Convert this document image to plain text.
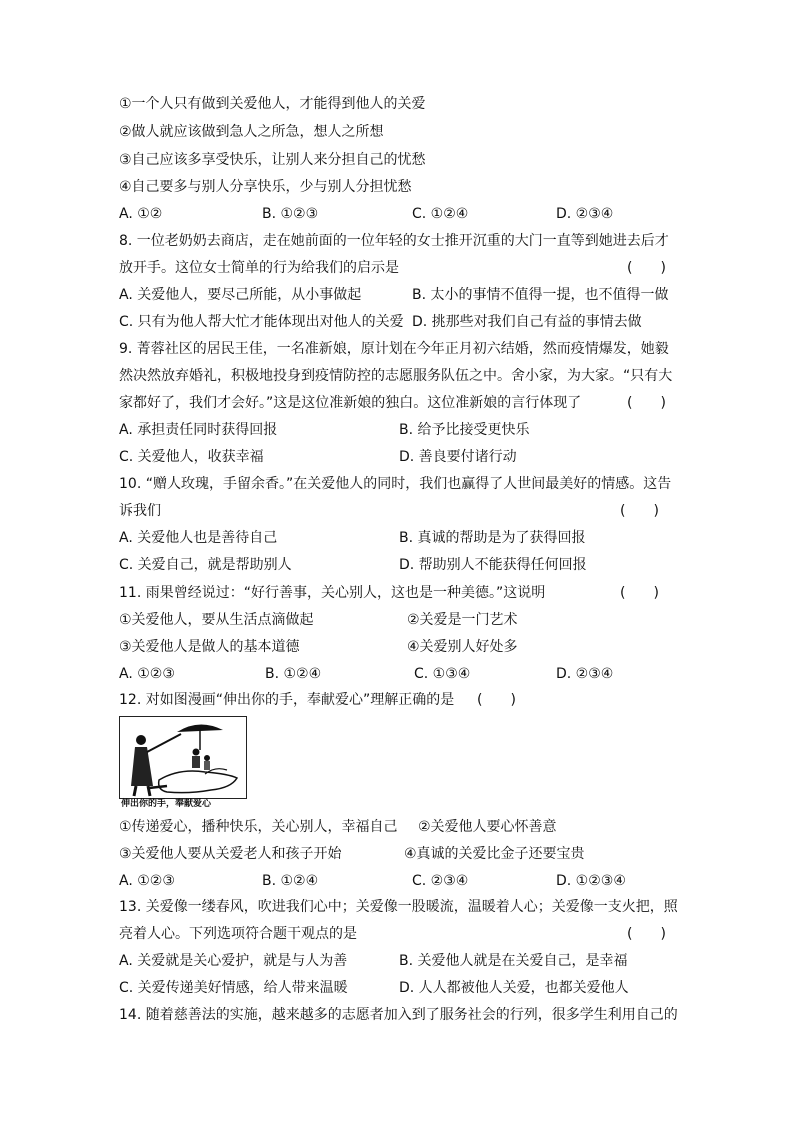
①一个人只有做到关爱他人，才能得到他人的关爱
②做人就应该做到急人之所急，想人之所想
③自己应该多享受快乐，让别人来分担自己的忧愁
④自己要多与别人分享快乐，少与别人分担忧愁
A. ①②	B. ①②③	C. ①②④	D. ②③④
8. 一位老奶奶去商店，走在她前面的一位年轻的女士推开沉重的大门一直等到她进去后才
放开手。这位女士简单的行为给我们的启示是	(　　)
A. 关爱他人，要尽己所能，从小事做起	B. 太小的事情不值得一提，也不值得一做
C. 只有为他人帮大忙才能体现出对他人的关爱 D. 挑那些对我们自己有益的事情去做
9. 菁蓉社区的居民王佳，一名准新娘，原计划在今年正月初六结婚，然而疫情爆发，她毅
然决然放弃婚礼，积极地投身到疫情防控的志愿服务队伍之中。舍小家，为大家。“只有大
家都好了，我们才会好。”这是这位准新娘的独白。这位准新娘的言行体现了	(　　)
A. 承担责任同时获得回报	B. 给予比接受更快乐
C. 关爱他人，收获幸福	D. 善良要付诸行动
10. “赠人玫瑰，手留余香。”在关爱他人的同时，我们也赢得了人世间最美好的情感。这告
诉我们	(　　)
A. 关爱他人也是善待自己	B. 真诚的帮助是为了获得回报
C. 关爱自己，就是帮助别人	D. 帮助别人不能获得任何回报
11. 雨果曾经说过：“好行善事，关心别人，这也是一种美德。”这说明	(　　)
①关爱他人，要从生活点滴做起	②关爱是一门艺术
③关爱他人是做人的基本道德	④关爱别人好处多
A. ①②③	B. ①②④	C. ①③④	D. ②③④
12. 对如图漫画“伸出你的手，奉献爱心”理解正确的是 (　　)
伸出你的手，奉献爱心
①传递爱心，播种快乐，关心别人，幸福自己 ②关爱他人要心怀善意
③关爱他人要从关爱老人和孩子开始	④真诚的关爱比金子还要宝贵
A. ①②③	B. ①②④	C. ②③④	D. ①②③④
13. 关爱像一缕春风，吹进我们心中；关爱像一股暖流，温暖着人心；关爱像一支火把，照
亮着人心。下列选项符合题干观点的是	(　　)
A. 关爱就是关心爱护，就是与人为善	B. 关爱他人就是在关爱自己，是幸福
C. 关爱传递美好情感，给人带来温暖	D. 人人都被他人关爱，也都关爱他人
14. 随着慈善法的实施，越来越多的志愿者加入到了服务社会的行列，很多学生利用自己的
